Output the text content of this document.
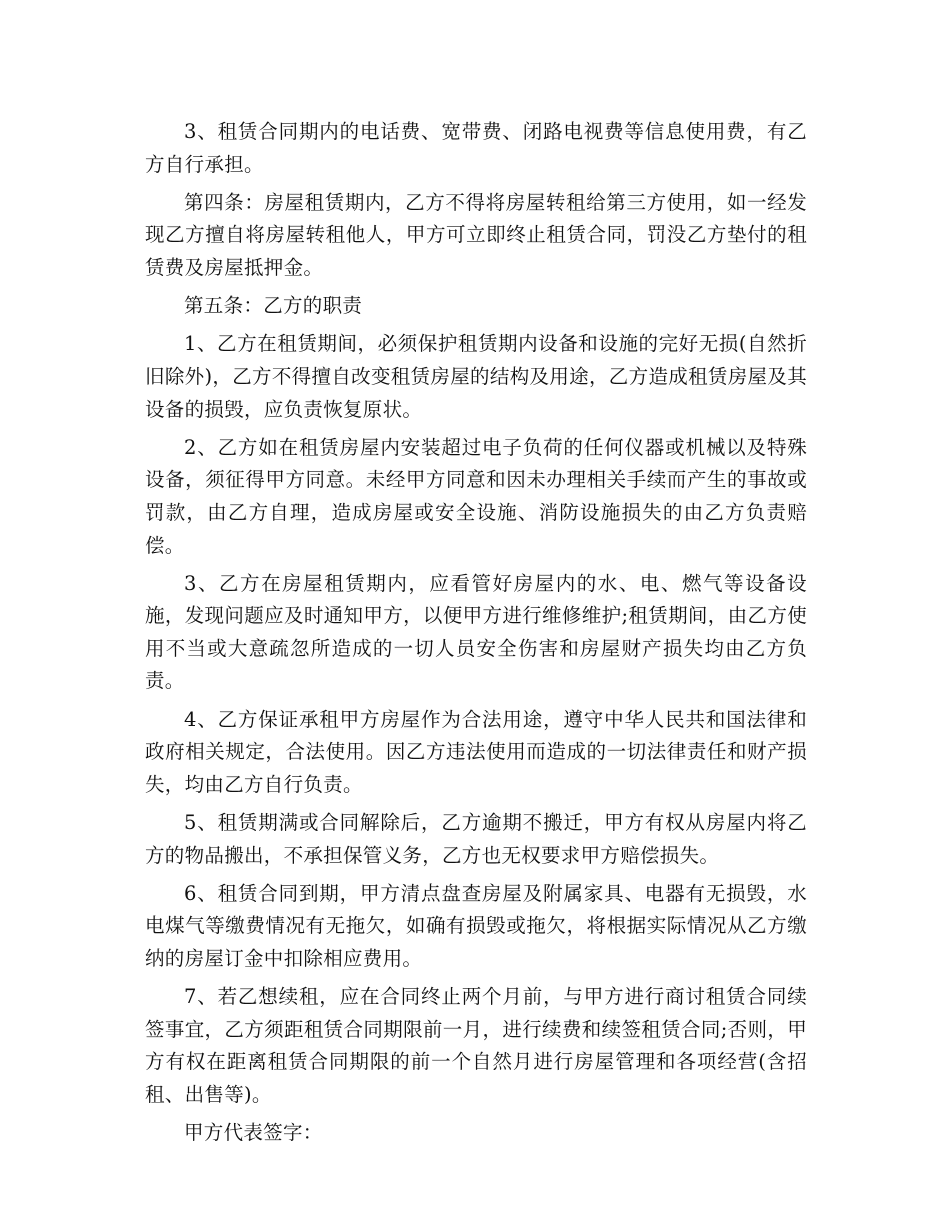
3、租赁合同期内的电话费、宽带费、闭路电视费等信息使用费，有乙方自行承担。

第四条：房屋租赁期内，乙方不得将房屋转租给第三方使用，如一经发现乙方擅自将房屋转租他人，甲方可立即终止租赁合同，罚没乙方垫付的租赁费及房屋抵押金。

第五条：乙方的职责

1、乙方在租赁期间，必须保护租赁期内设备和设施的完好无损(自然折旧除外)，乙方不得擅自改变租赁房屋的结构及用途，乙方造成租赁房屋及其设备的损毁，应负责恢复原状。

2、乙方如在租赁房屋内安装超过电子负荷的任何仪器或机械以及特殊设备，须征得甲方同意。未经甲方同意和因未办理相关手续而产生的事故或罚款，由乙方自理，造成房屋或安全设施、消防设施损失的由乙方负责赔偿。

3、乙方在房屋租赁期内，应看管好房屋内的水、电、燃气等设备设施，发现问题应及时通知甲方，以便甲方进行维修维护;租赁期间，由乙方使用不当或大意疏忽所造成的一切人员安全伤害和房屋财产损失均由乙方负责。

4、乙方保证承租甲方房屋作为合法用途，遵守中华人民共和国法律和政府相关规定，合法使用。因乙方违法使用而造成的一切法律责任和财产损失，均由乙方自行负责。

5、租赁期满或合同解除后，乙方逾期不搬迁，甲方有权从房屋内将乙方的物品搬出，不承担保管义务，乙方也无权要求甲方赔偿损失。

6、租赁合同到期，甲方清点盘查房屋及附属家具、电器有无损毁，水电煤气等缴费情况有无拖欠，如确有损毁或拖欠，将根据实际情况从乙方缴纳的房屋订金中扣除相应费用。

7、若乙想续租，应在合同终止两个月前，与甲方进行商讨租赁合同续签事宜，乙方须距租赁合同期限前一月，进行续费和续签租赁合同;否则，甲方有权在距离租赁合同期限的前一个自然月进行房屋管理和各项经营(含招租、出售等)。

甲方代表签字：
